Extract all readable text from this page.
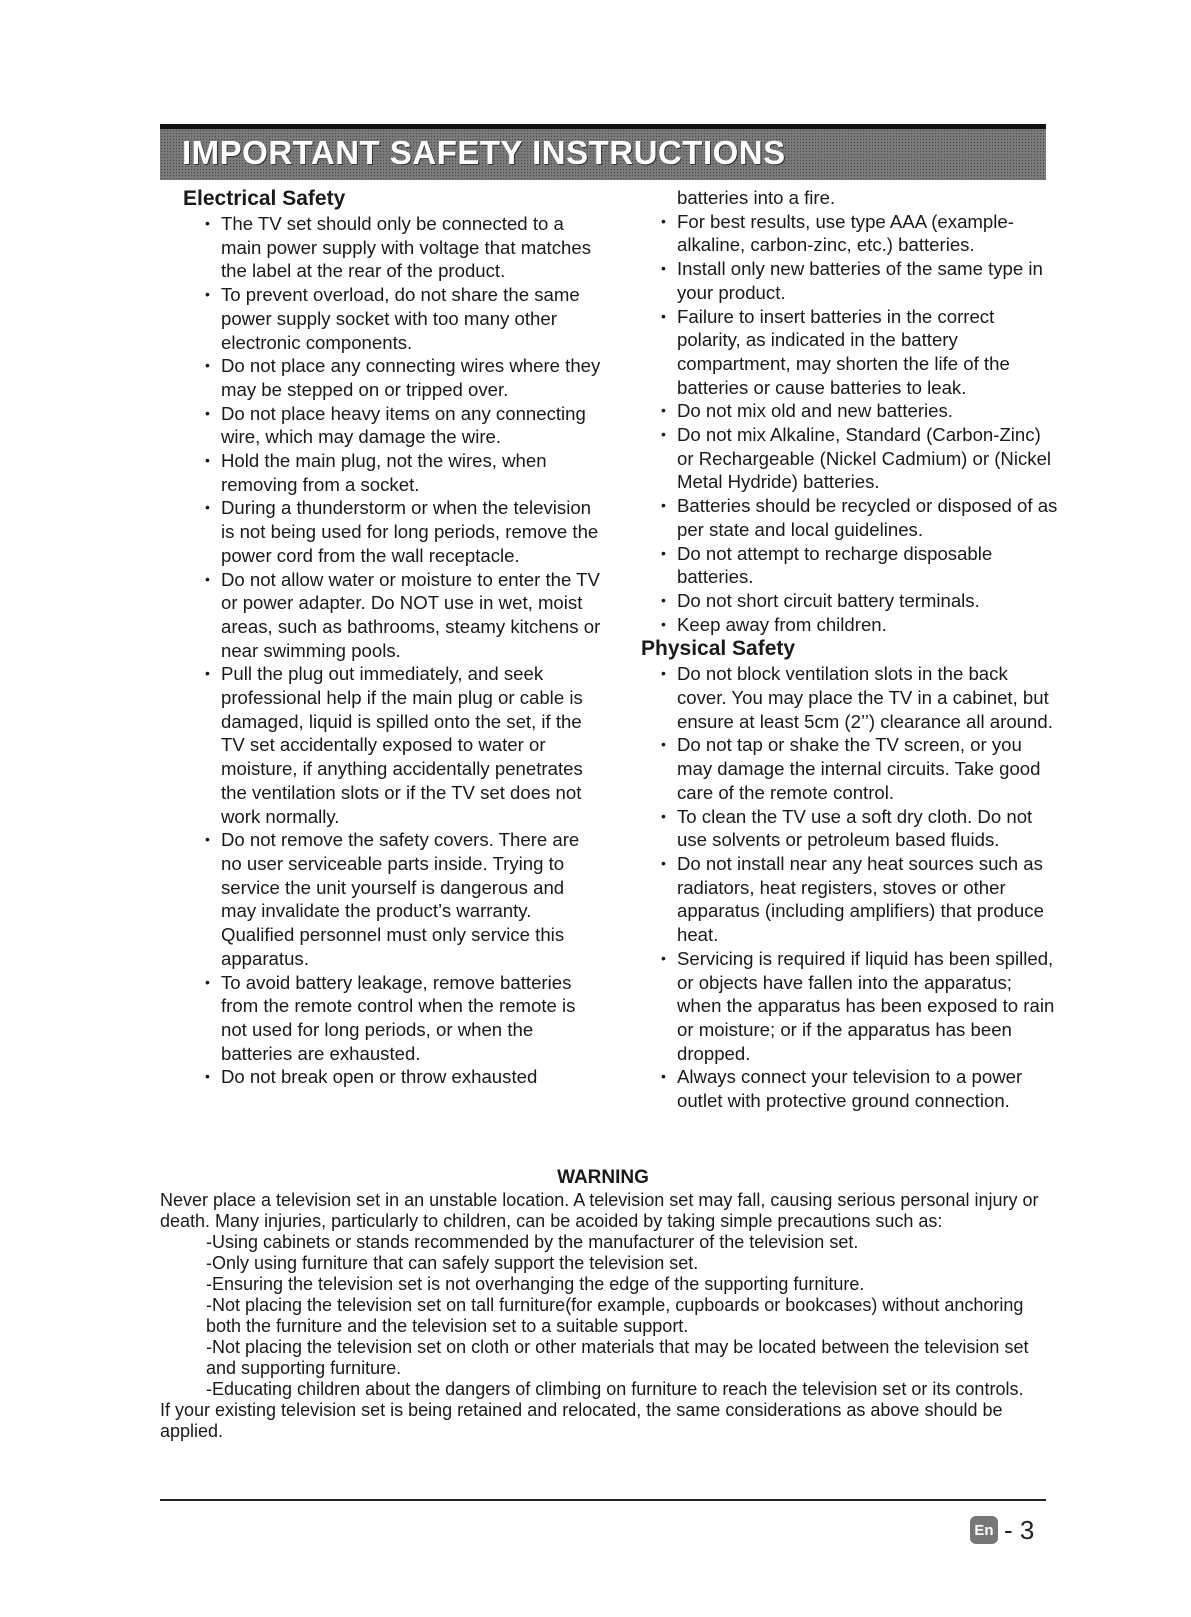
IMPORTANT SAFETY INSTRUCTIONS
Electrical Safety
• The TV set should only be connected to a main power supply with voltage that matches the label at the rear of the product.
• To prevent overload, do not share the same power supply socket with too many other electronic components.
• Do not place any connecting wires where they may be stepped on or tripped over.
• Do not place heavy items on any connecting wire, which may damage the wire.
• Hold the main plug, not the wires, when removing from a socket.
• During a thunderstorm or when the television is not being used for long periods, remove the power cord from the wall receptacle.
• Do not allow water or moisture to enter the TV or power adapter. Do NOT use in wet, moist areas, such as bathrooms, steamy kitchens or near swimming pools.
• Pull the plug out immediately, and seek professional help if the main plug or cable is damaged, liquid is spilled onto the set, if the TV set accidentally exposed to water or moisture, if anything accidentally penetrates the ventilation slots or if the TV set does not work normally.
• Do not remove the safety covers. There are no user serviceable parts inside. Trying to service the unit yourself is dangerous and may invalidate the product’s warranty. Qualified personnel must only service this apparatus.
• To avoid battery leakage, remove batteries from the remote control when the remote is not used for long periods, or when the batteries are exhausted.
• Do not break open or throw exhausted
batteries into a fire.
• For best results, use type AAA (example-alkaline, carbon-zinc, etc.) batteries.
• Install only new batteries of the same type in your product.
• Failure to insert batteries in the correct polarity, as indicated in the battery compartment, may shorten the life of the batteries or cause batteries to leak.
• Do not mix old and new batteries.
• Do not mix Alkaline, Standard (Carbon-Zinc) or Rechargeable (Nickel Cadmium) or (Nickel Metal Hydride) batteries.
• Batteries should be recycled or disposed of as per state and local guidelines.
• Do not attempt to recharge disposable batteries.
• Do not short circuit battery terminals.
• Keep away from children.
Physical Safety
• Do not block ventilation slots in the back cover. You may place the TV in a cabinet, but ensure at least 5cm (2’’) clearance all around.
• Do not tap or shake the TV screen, or you may damage the internal circuits. Take good care of the remote control.
• To clean the TV use a soft dry cloth. Do not use solvents or petroleum based fluids.
• Do not install near any heat sources such as radiators, heat registers, stoves or other apparatus (including amplifiers) that produce heat.
• Servicing is required if liquid has been spilled, or objects have fallen into the apparatus; when the apparatus has been exposed to rain or moisture; or if the apparatus has been dropped.
• Always connect your television to a power outlet with protective ground connection.
WARNING

Never place a television set in an unstable location. A television set may fall, causing serious personal injury or death. Many injuries, particularly to children, can be acoided by taking simple precautions such as:

-Using cabinets or stands recommended by the manufacturer of the television set.

-Only using furniture that can safely support the television set.

-Ensuring the television set is not overhanging the edge of the supporting furniture.

-Not placing the television set on tall furniture(for example, cupboards or bookcases) without anchoring both the furniture and the television set to a suitable support.

-Not placing the television set on cloth or other materials that may be located between the television set and supporting furniture.

-Educating children about the dangers of climbing on furniture to reach the television set or its controls.

If your existing television set is being retained and relocated, the same considerations as above should be applied.

En - 3
